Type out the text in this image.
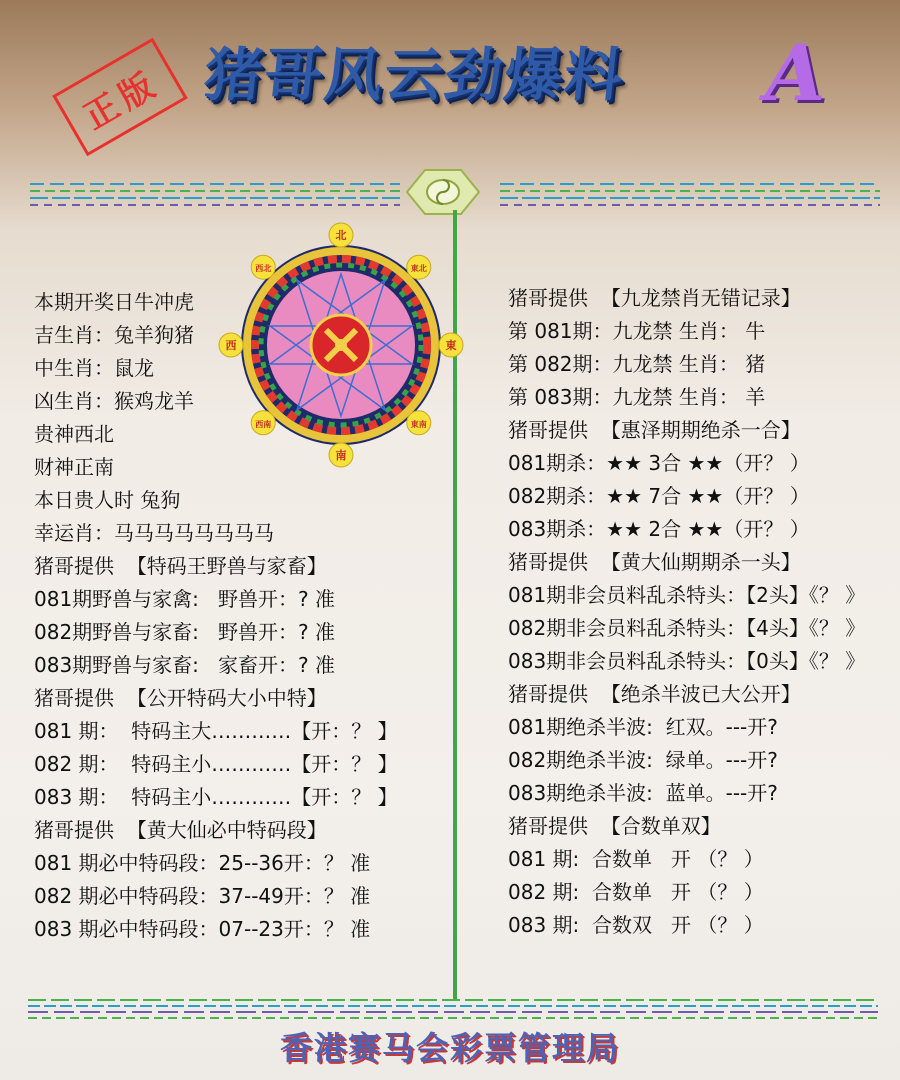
正版 猪哥风云劲爆料	A
北
東北
東
東南
南
西南
西
西北
本期开奖日牛冲虎
吉生肖：兔羊狗猪
中生肖：鼠龙
凶生肖：猴鸡龙羊
贵神西北
财神正南
本日贵人时 兔狗
幸运肖：马马马马马马马马
猪哥提供  【特码王野兽与家畜】
081期野兽与家禽:   野兽开：? 准
082期野兽与家畜:   野兽开：? 准
083期野兽与家畜:   家畜开：? 准
猪哥提供  【公开特码大小中特】
081 期：  特码主大…………【开：？ 】
082 期：  特码主小…………【开：？ 】
083 期：  特码主小…………【开：？ 】
猪哥提供  【黄大仙必中特码段】
081 期必中特码段：25--36开：？ 准
082 期必中特码段：37--49开：？ 准
083 期必中特码段：07--23开：？ 准
猪哥提供  【九龙禁肖无错记录】
第 081期：九龙禁 生肖： 牛
第 082期：九龙禁 生肖： 猪
第 083期：九龙禁 生肖： 羊
猪哥提供  【惠泽期期绝杀一合】
081期杀：★★ 3合 ★★（开？ ）
082期杀：★★ 7合 ★★（开？ ）
083期杀：★★ 2合 ★★（开？ ）
猪哥提供  【黄大仙期期杀一头】
081期非会员料乱杀特头：【2头】《？ 》
082期非会员料乱杀特头：【4头】《？ 》
083期非会员料乱杀特头：【0头】《？ 》
猪哥提供  【绝杀半波已大公开】
081期绝杀半波:  红双。---开?
082期绝杀半波:  绿单。---开?
083期绝杀半波:  蓝单。---开?
猪哥提供  【合数单双】
081 期:  合数单   开 （？ ）
082 期:  合数单   开 （？ ）
083 期:  合数双   开 （？ ）
香港赛马会彩票管理局
